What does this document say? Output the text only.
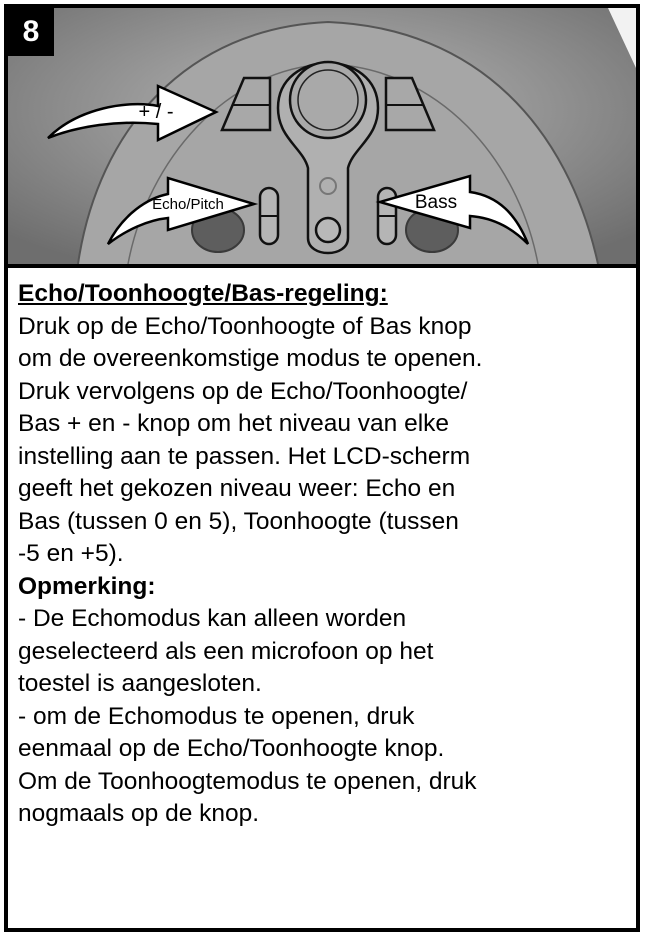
+ / -
Echo/Pitch	Bass
8
Echo/Toonhoogte/Bas-regeling:
Druk op de Echo/Toonhoogte of Bas knop
om de overeenkomstige modus te openen.
Druk vervolgens op de Echo/Toonhoogte/
Bas + en - knop om het niveau van elke
instelling aan te passen. Het LCD-scherm
geeft het gekozen niveau weer: Echo en
Bas (tussen 0 en 5), Toonhoogte (tussen
-5 en +5).
Opmerking:
- De Echomodus kan alleen worden
geselecteerd als een microfoon op het
toestel is aangesloten.
- om de Echomodus te openen, druk
eenmaal op de Echo/Toonhoogte knop.
Om de Toonhoogtemodus te openen, druk
nogmaals op de knop.
